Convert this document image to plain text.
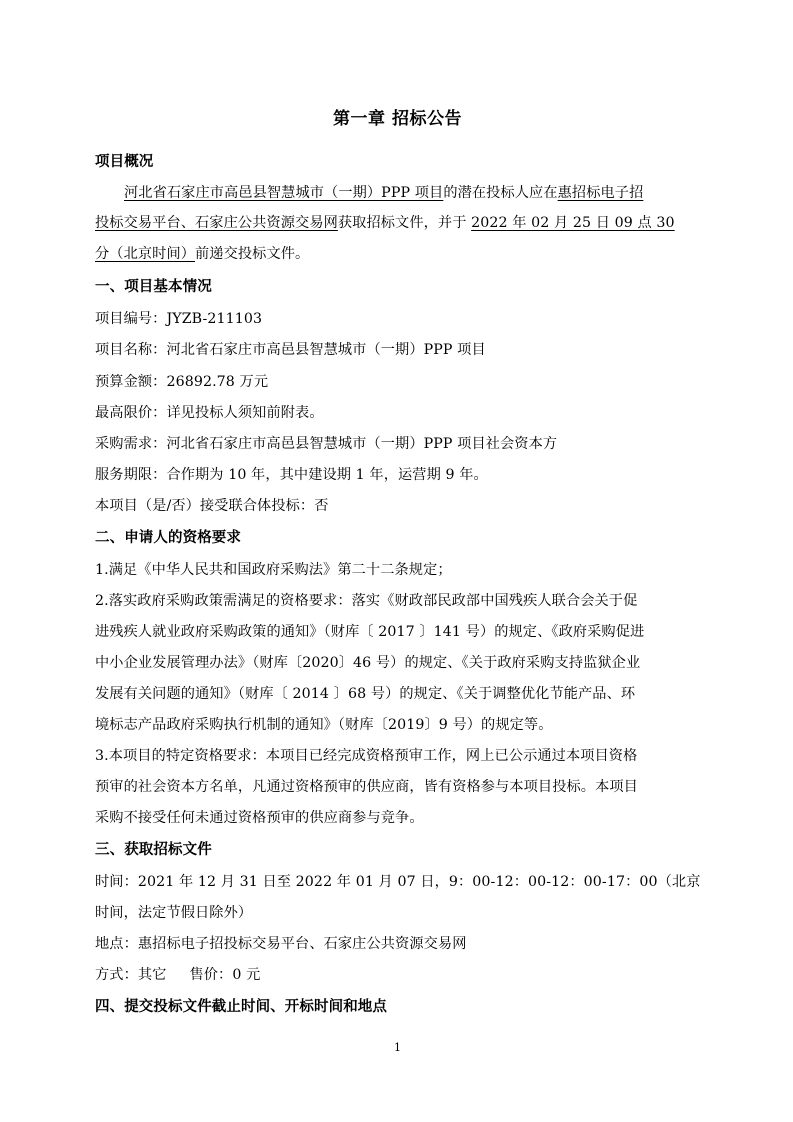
第一章 招标公告
项目概况
河北省石家庄市高邑县智慧城市（一期）PPP 项目的潜在投标人应在惠招标电子招
投标交易平台、石家庄公共资源交易网获取招标文件，并于 2022 年 02 月 25 日 09 点 30
分（北京时间）前递交投标文件。
一、项目基本情况
项目编号：JYZB-211103
项目名称：河北省石家庄市高邑县智慧城市（一期）PPP 项目
预算金额：26892.78 万元
最高限价：详见投标人须知前附表。
采购需求：河北省石家庄市高邑县智慧城市（一期）PPP 项目社会资本方
服务期限：合作期为 10 年，其中建设期 1 年，运营期 9 年。
本项目（是/否）接受联合体投标：否
二、申请人的资格要求
1.满足《中华人民共和国政府采购法》第二十二条规定；
2.落实政府采购政策需满足的资格要求：落实《财政部民政部中国残疾人联合会关于促
进残疾人就业政府采购政策的通知》（财库〔 2017 〕141 号）的规定、《政府采购促进
中小企业发展管理办法》（财库〔2020〕46 号）的规定、《关于政府采购支持监狱企业
发展有关问题的通知》（财库〔 2014 〕68 号）的规定、《关于调整优化节能产品、环
境标志产品政府采购执行机制的通知》（财库〔2019〕9 号）的规定等。
3.本项目的特定资格要求：本项目已经完成资格预审工作，网上已公示通过本项目资格
预审的社会资本方名单，凡通过资格预审的供应商，皆有资格参与本项目投标。本项目
采购不接受任何未通过资格预审的供应商参与竞争。
三、获取招标文件
时间：2021 年 12 月 31 日至 2022 年 01 月 07 日，9：00-12：00-12：00-17：00（北京
时间，法定节假日除外）
地点：惠招标电子招投标交易平台、石家庄公共资源交易网
方式：其它     售价：0 元
四、提交投标文件截止时间、开标时间和地点
1
